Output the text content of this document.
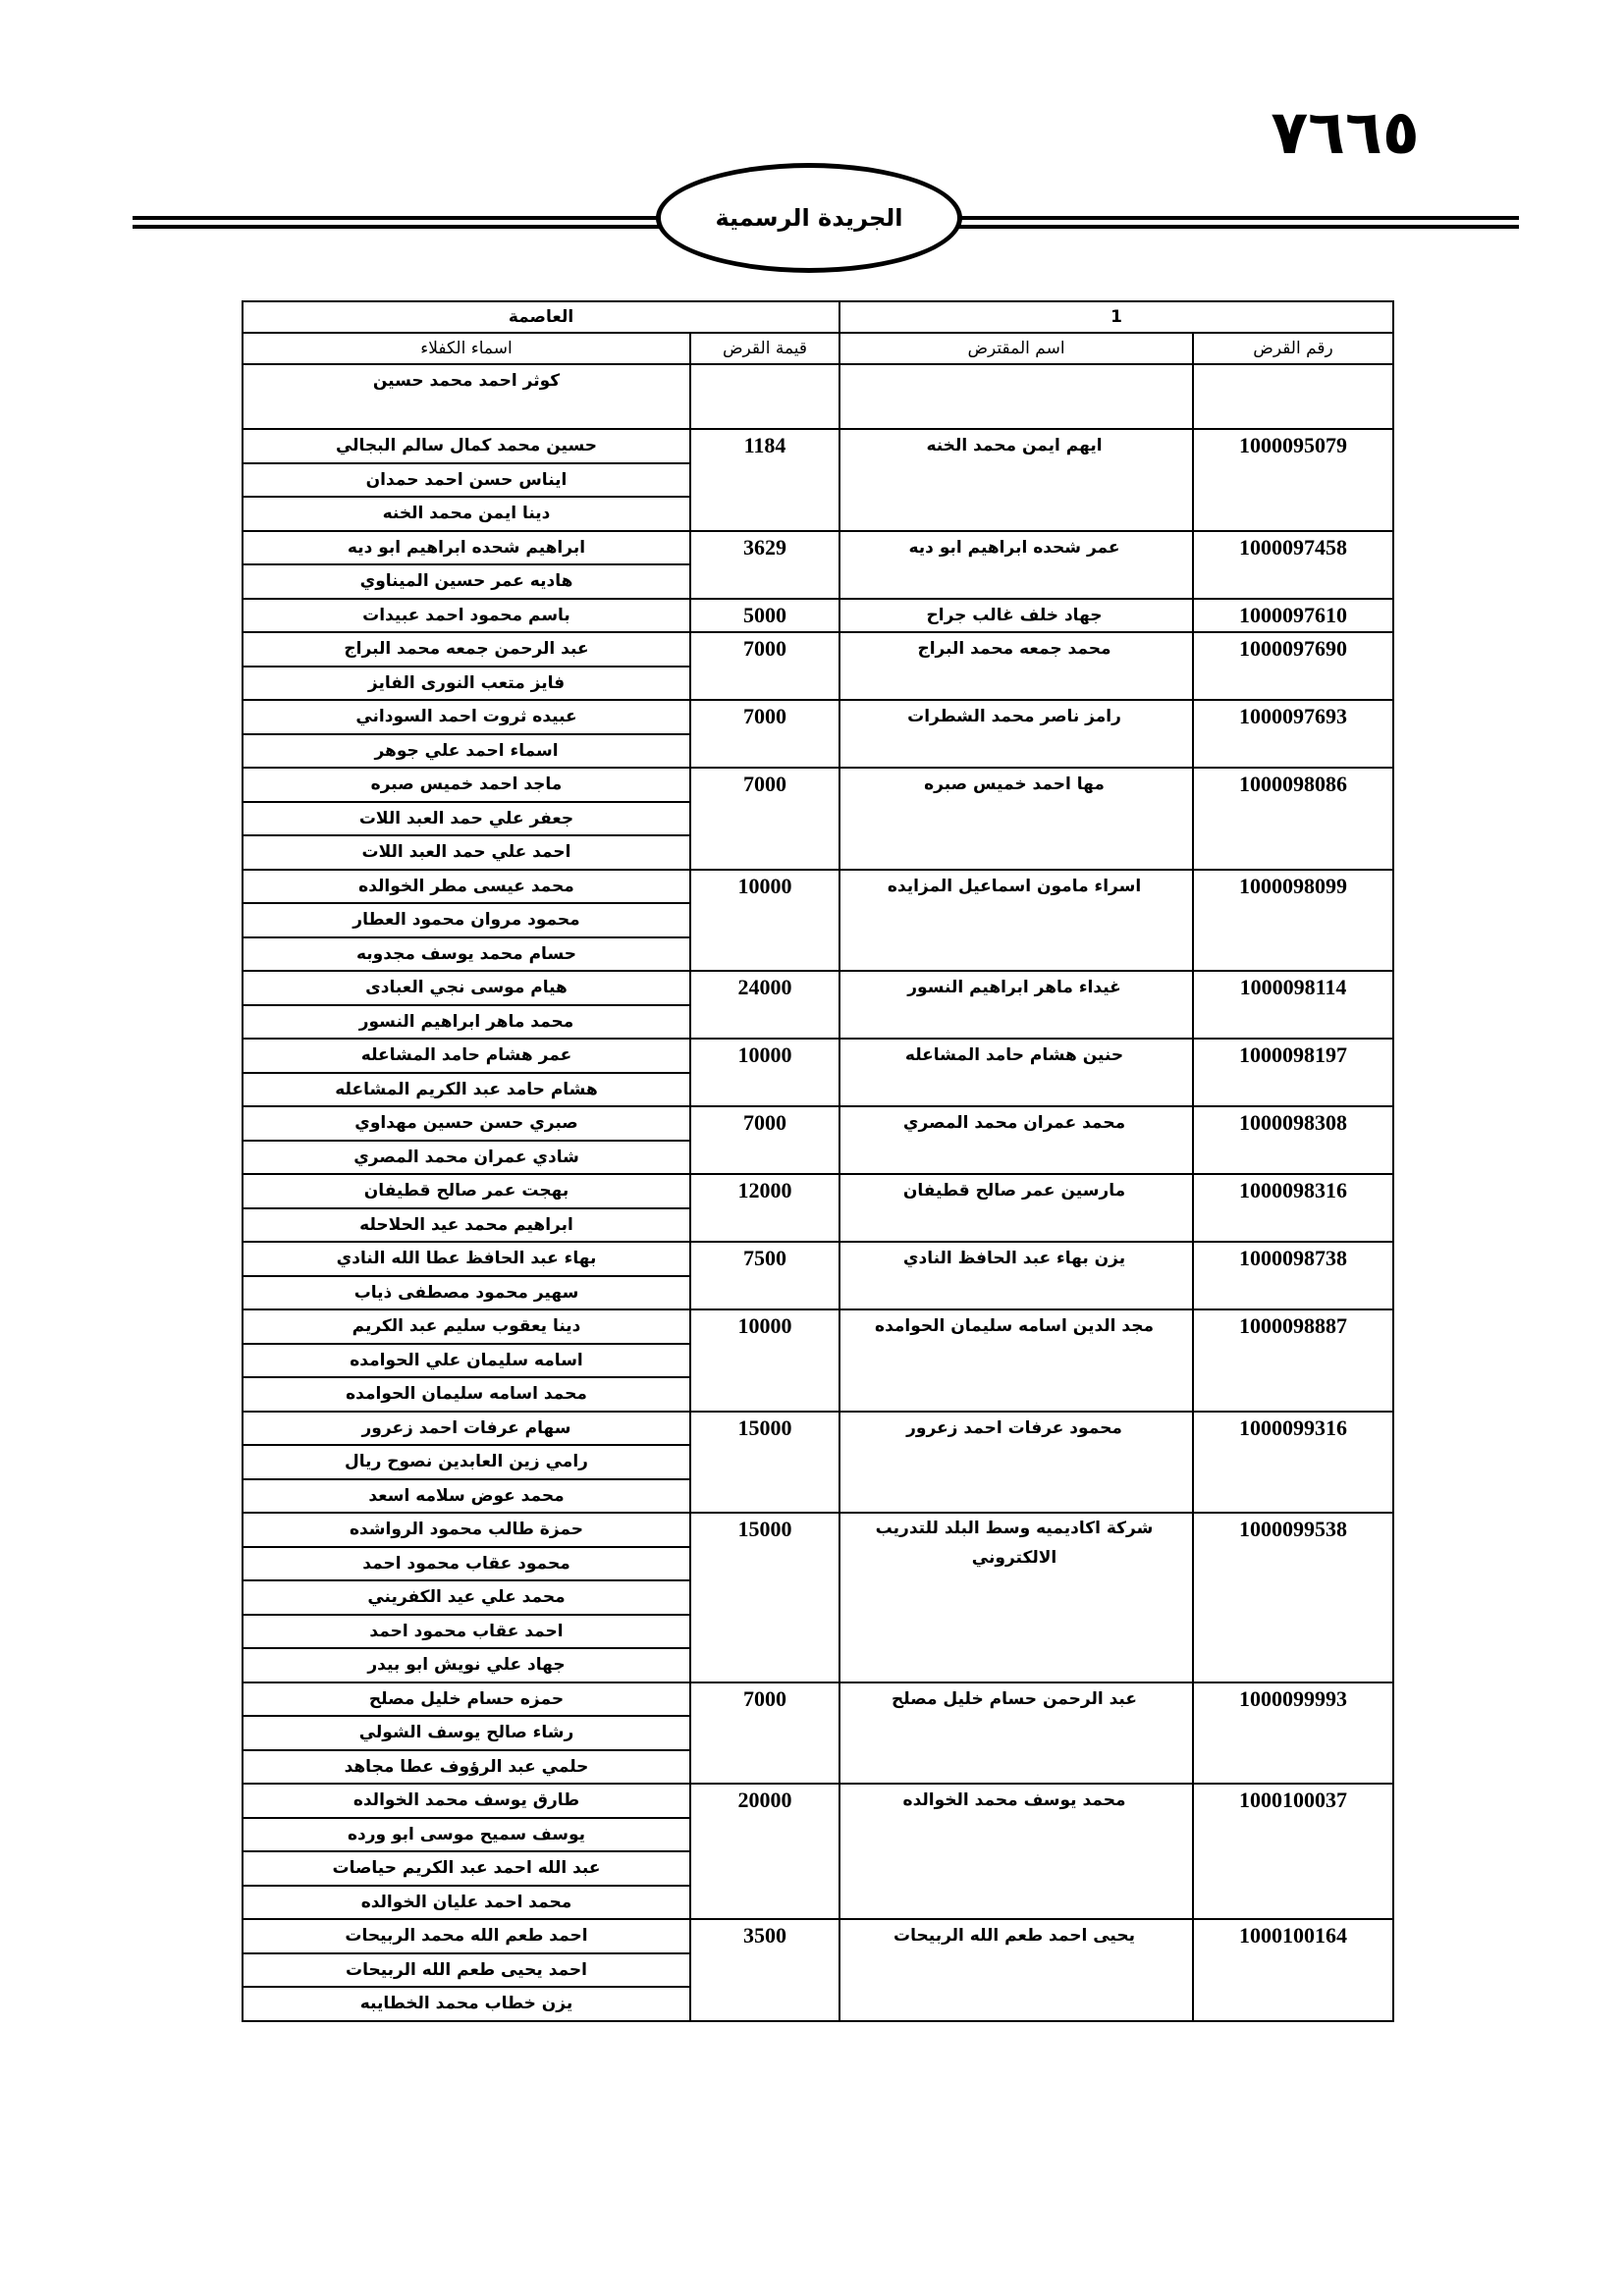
٧٦٦٥
الجريدة الرسمية
العاصمة		1	
اسماء الكفلاء	قيمة القرض	اسم المقترض	رقم القرض
كوثر احمد محمد حسين			
حسين محمد كمال سالم البجالي	1184	ايهم ايمن محمد الخنه	1000095079
ايناس حسن احمد حمدان			
دينا ايمن محمد الخنه			
ابراهيم شحده ابراهيم ابو ديه	3629	عمر شحده ابراهيم ابو ديه	1000097458
هاديه عمر حسين الميناوي			
باسم محمود احمد عبيدات	5000	جهاد خلف غالب جراح	1000097610
عبد الرحمن جمعه محمد البراج	7000	محمد جمعه محمد البراج	1000097690
فايز متعب النورى الفايز			
عبيده ثروت احمد السوداني	7000	رامز ناصر محمد الشطرات	1000097693
اسماء احمد علي جوهر			
ماجد احمد خميس صبره	7000	مها احمد خميس صبره	1000098086
جعفر علي حمد العبد اللات			
احمد علي حمد العبد اللات			
محمد عيسى مطر الخوالده	10000	اسراء مامون اسماعيل المزايده	1000098099
محمود مروان محمود العطار			
حسام محمد يوسف مجدوبه			
هيام موسى نجي العبادى	24000	غيداء ماهر ابراهيم النسور	1000098114
محمد ماهر ابراهيم النسور			
عمر هشام حامد المشاعله	10000	حنين هشام حامد المشاعله	1000098197
هشام حامد عبد الكريم المشاعله			
صبري حسن حسين مهداوي	7000	محمد عمران محمد المصري	1000098308
شادي عمران محمد المصري			
بهجت عمر صالح قطيفان	12000	مارسين عمر صالح قطيفان	1000098316
ابراهيم محمد عيد الحلاحله			
بهاء عبد الحافظ عطا الله النادي	7500	يزن بهاء عبد الحافظ النادي	1000098738
سهير محمود مصطفى ذياب			
دينا يعقوب سليم عبد الكريم	10000	مجد الدين اسامه سليمان الحوامده	1000098887
اسامه سليمان علي الحوامده			
محمد اسامه سليمان الحوامده			
سهام عرفات احمد زعرور	15000	محمود عرفات احمد زعرور	1000099316
رامي زين العابدين نصوح ريال			
محمد عوض سلامه اسعد			
حمزة طالب محمود الرواشده	15000	شركة اكاديميه وسط البلد للتدريب الالكتروني	1000099538
محمود عقاب محمود احمد			
محمد علي عيد الكفريني			
احمد عقاب محمود احمد			
جهاد علي نويش ابو بيدر			
حمزه حسام خليل مصلح	7000	عبد الرحمن حسام خليل مصلح	1000099993
رشاء صالح يوسف الشولي			
حلمي عبد الرؤوف عطا مجاهد			
طارق يوسف محمد الخوالده	20000	محمد يوسف محمد الخوالده	1000100037
يوسف سميح موسى ابو ورده			
عبد الله احمد عبد الكريم حياصات			
محمد احمد عليان الخوالده			
احمد طعم الله محمد الربيحات	3500	يحيى احمد طعم الله الربيحات	1000100164
احمد يحيى طعم الله الربيحات			
يزن خطاب محمد الخطايبه			
